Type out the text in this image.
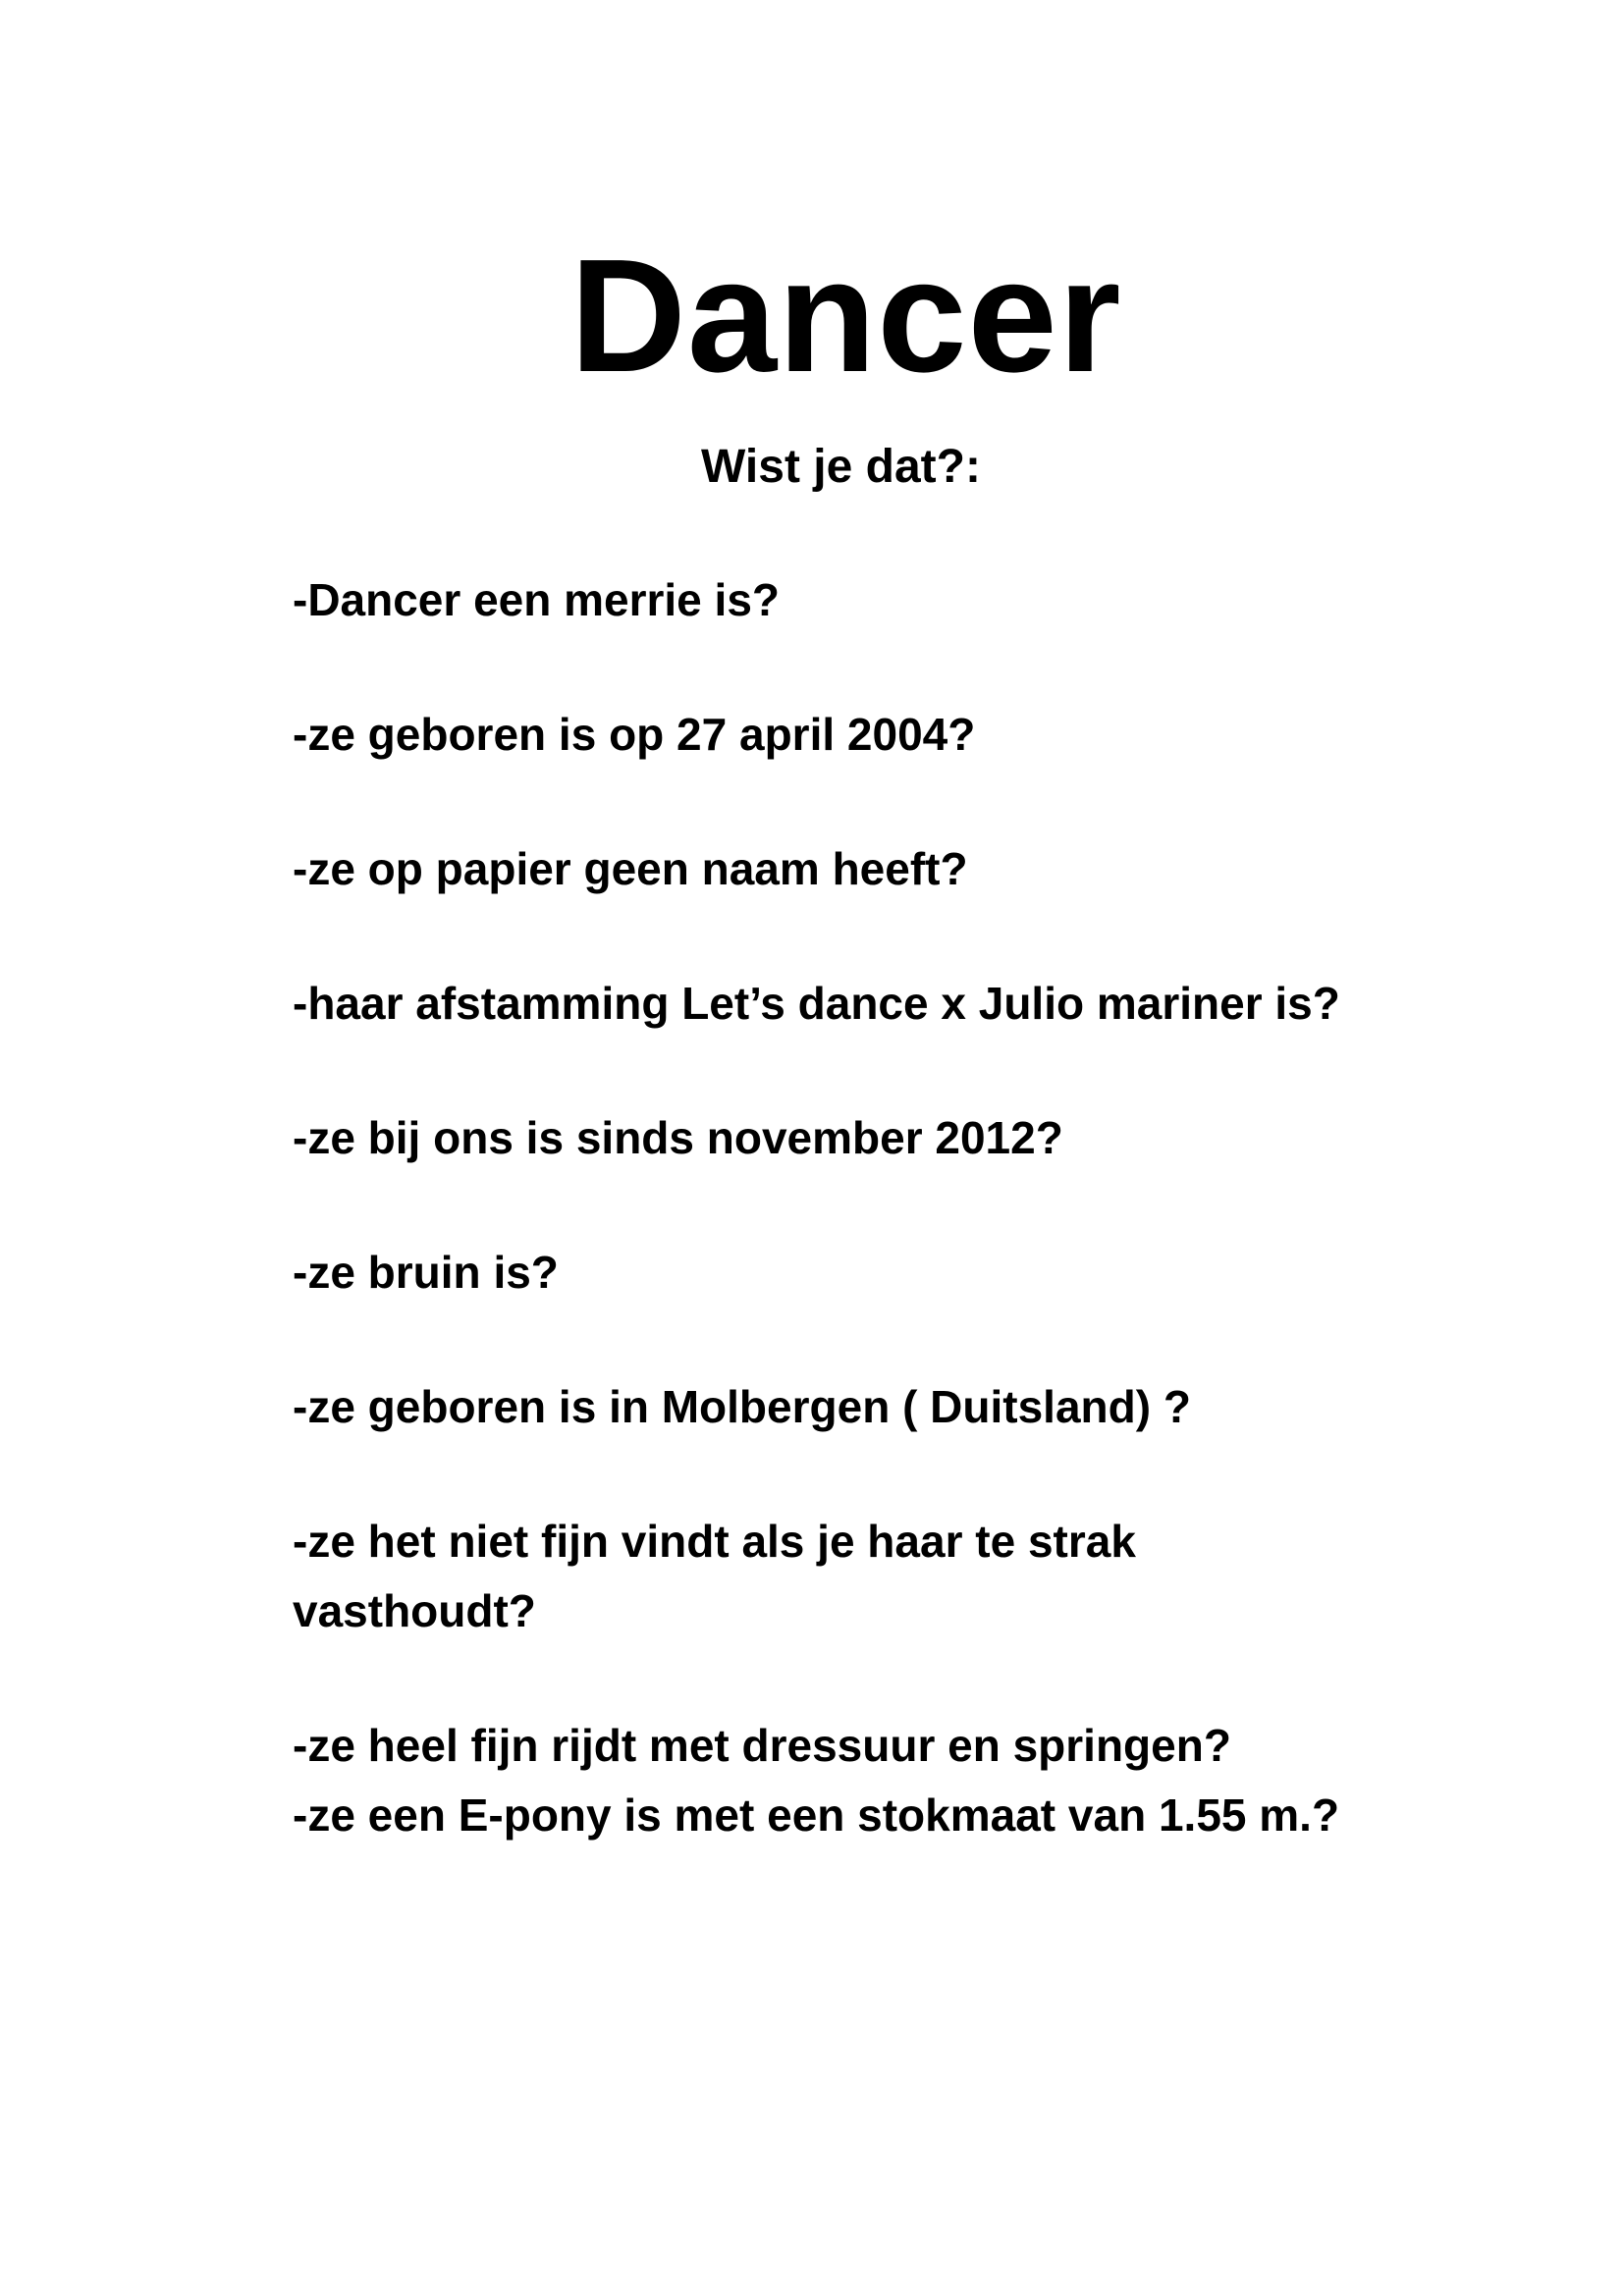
Dancer
Wist je dat?:
-Dancer een merrie is?
-ze geboren is op 27 april 2004?
-ze op papier geen naam heeft?
-haar afstamming Let’s dance x Julio mariner is?
-ze bij ons is sinds november 2012?
-ze bruin is?
-ze geboren is in Molbergen ( Duitsland) ?
-ze het niet fijn vindt als je haar te strak
vasthoudt?
-ze heel fijn rijdt met dressuur en springen?
-ze een E-pony is met een stokmaat van 1.55 m.?
